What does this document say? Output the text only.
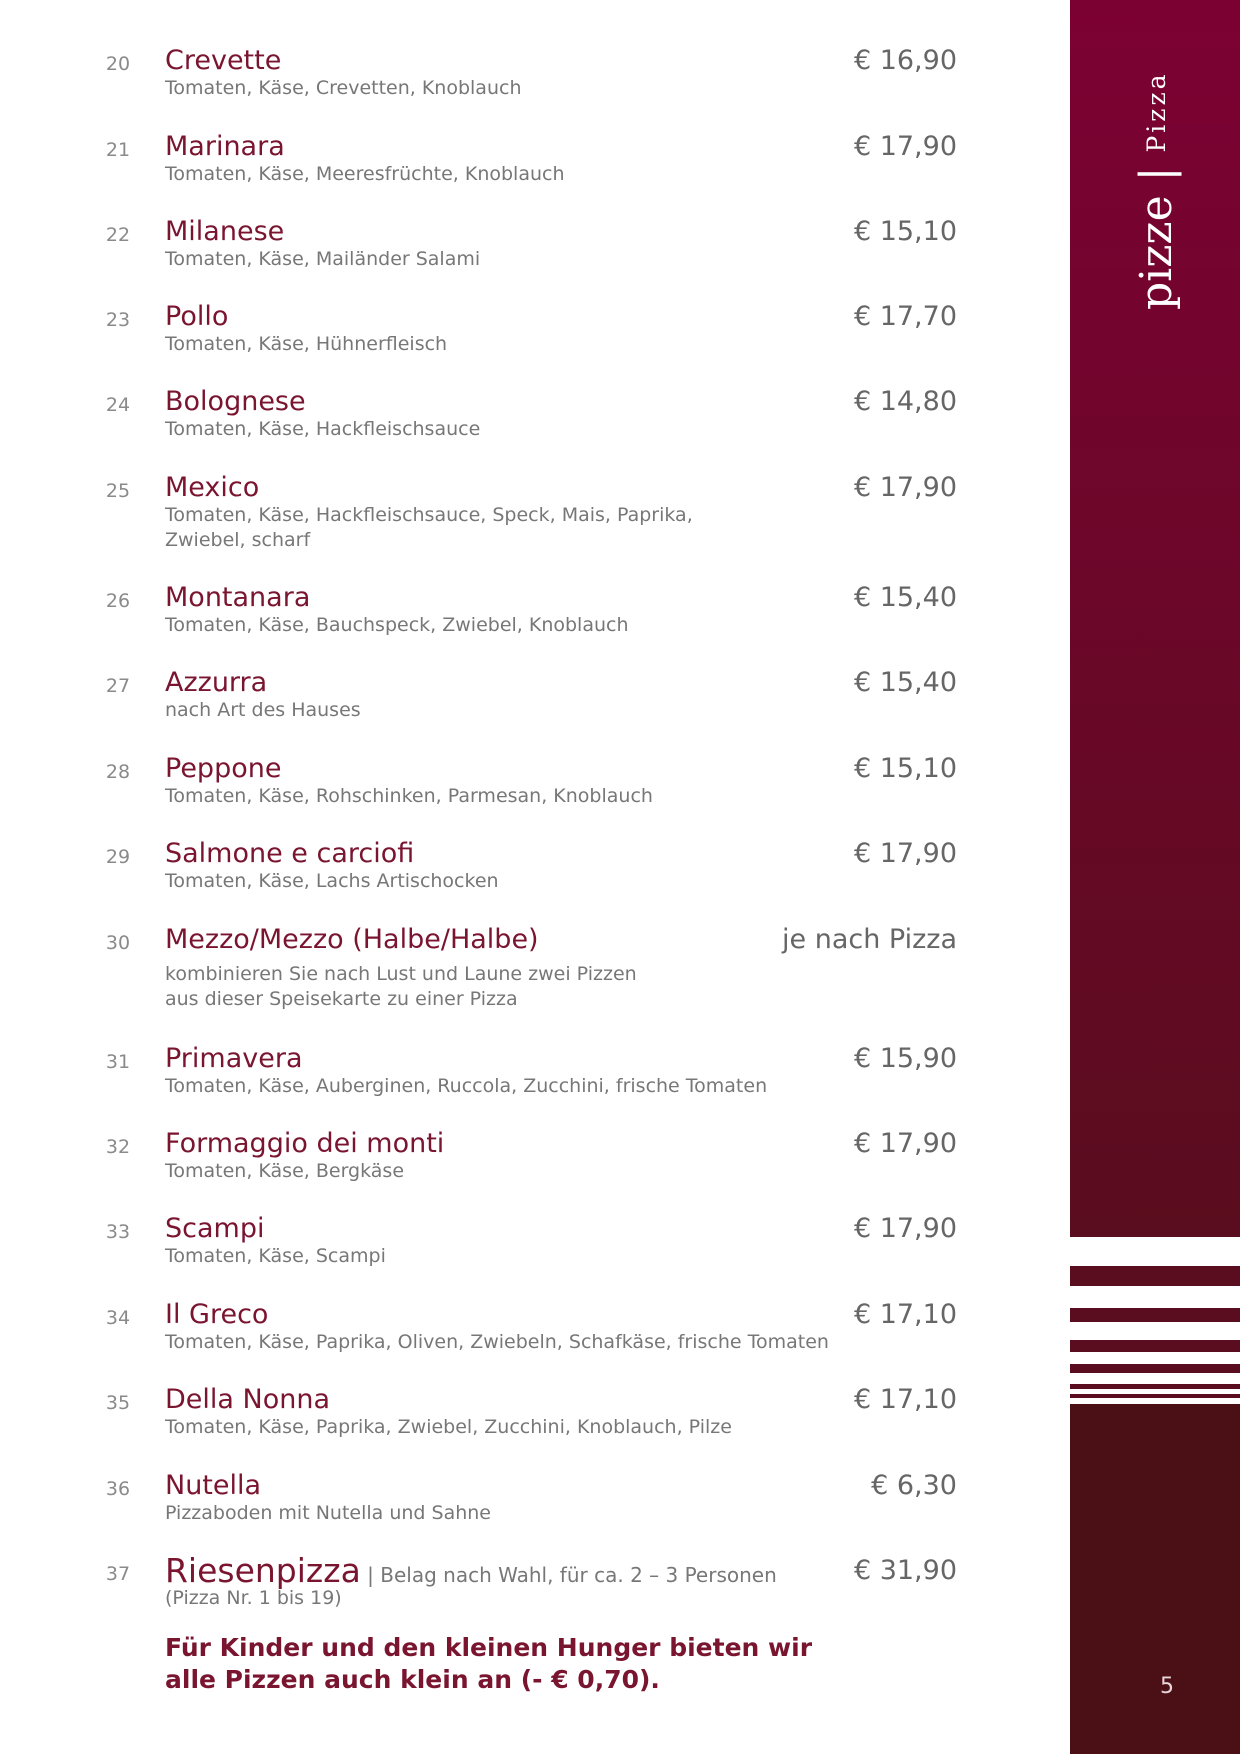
20	Crevette	€ 16,90
Tomaten, Käse, Crevetten, Knoblauch
21	Marinara	€ 17,90
Tomaten, Käse, Meeresfrüchte, Knoblauch
22	Milanese	€ 15,10
Tomaten, Käse, Mailänder Salami
23	Pollo	€ 17,70
Tomaten, Käse, Hühnerfleisch
24	Bolognese	€ 14,80
Tomaten, Käse, Hackfleischsauce
25	Mexico	€ 17,90
Tomaten, Käse, Hackfleischsauce, Speck, Mais, Paprika,
Zwiebel, scharf
26	Montanara	€ 15,40
Tomaten, Käse, Bauchspeck, Zwiebel, Knoblauch
27	Azzurra	€ 15,40
nach Art des Hauses
28	Peppone	€ 15,10
Tomaten, Käse, Rohschinken, Parmesan, Knoblauch
29	Salmone e carciofi	€ 17,90
Tomaten, Käse, Lachs Artischocken
30	Mezzo/Mezzo (Halbe/Halbe)	je nach Pizza
kombinieren Sie nach Lust und Laune zwei Pizzen
aus dieser Speisekarte zu einer Pizza
31	Primavera	€ 15,90
Tomaten, Käse, Auberginen, Ruccola, Zucchini, frische Tomaten
32	Formaggio dei monti	€ 17,90
Tomaten, Käse, Bergkäse
33	Scampi	€ 17,90
Tomaten, Käse, Scampi
34	Il Greco	€ 17,10
Tomaten, Käse, Paprika, Oliven, Zwiebeln, Schafkäse, frische Tomaten
35	Della Nonna	€ 17,10
Tomaten, Käse, Paprika, Zwiebel, Zucchini, Knoblauch, Pilze
36	Nutella	€ 6,30
Pizzaboden mit Nutella und Sahne
37	Riesenpizza | Belag nach Wahl, für ca. 2 – 3 Personen	€ 31,90
(Pizza Nr. 1 bis 19)
Für Kinder und den kleinen Hunger bieten wir
alle Pizzen auch klein an (- € 0,70).
pizze
|
Pizza
5
